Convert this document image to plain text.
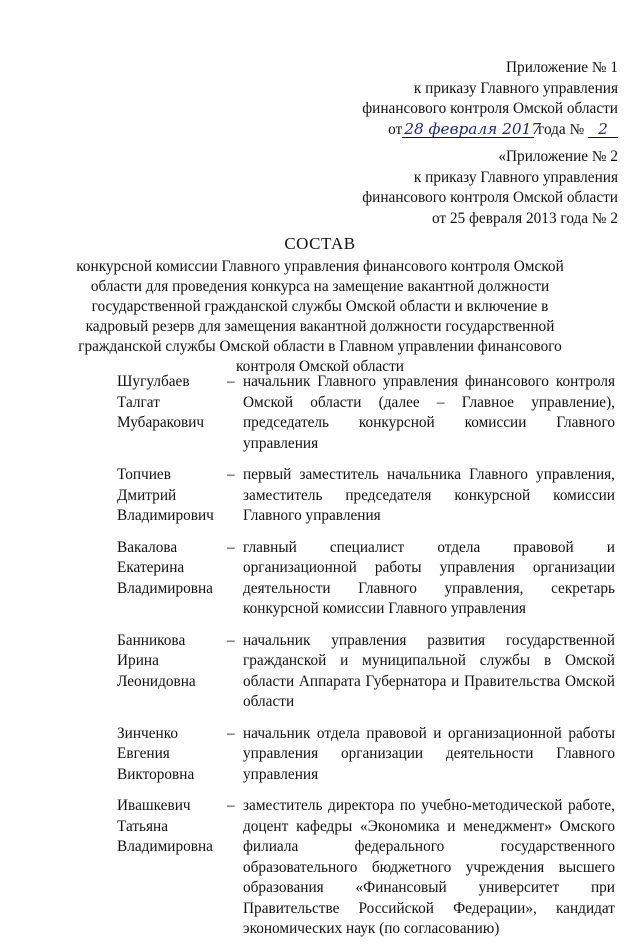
Приложение № 1
к приказу Главного управления
финансового контроля Омской области
от 28 февраля 2017 года № 2
«Приложение № 2
к приказу Главного управления
финансового контроля Омской области
от 25 февраля 2013 года № 2
СОСТАВ
конкурсной комиссии Главного управления финансового контроля Омской области для проведения конкурса на замещение вакантной должности государственной гражданской службы Омской области и включение в кадровый резерв для замещения вакантной должности государственной гражданской службы Омской области в Главном управлении финансового контроля Омской области
Шугулбаев
Талгат
Мубаракович
– начальник Главного управления финансового контроля Омской области (далее – Главное управление), председатель конкурсной комиссии Главного управления
Топчиев
Дмитрий
Владимирович
– первый заместитель начальника Главного управления, заместитель председателя конкурсной комиссии Главного управления
Вакалова
Екатерина
Владимировна
– главный специалист отдела правовой и организационной работы управления организации деятельности Главного управления, секретарь конкурсной комиссии Главного управления
Банникова
Ирина
Леонидовна
– начальник управления развития государственной гражданской и муниципальной службы в Омской области Аппарата Губернатора и Правительства Омской области
Зинченко
Евгения
Викторовна
– начальник отдела правовой и организационной работы управления организации деятельности Главного управления
Ивашкевич
Татьяна
Владимировна
– заместитель директора по учебно-методической работе, доцент кафедры «Экономика и менеджмент» Омского филиала федерального государственного образовательного бюджетного учреждения высшего образования «Финансовый университет при Правительстве Российской Федерации», кандидат экономических наук (по согласованию)
